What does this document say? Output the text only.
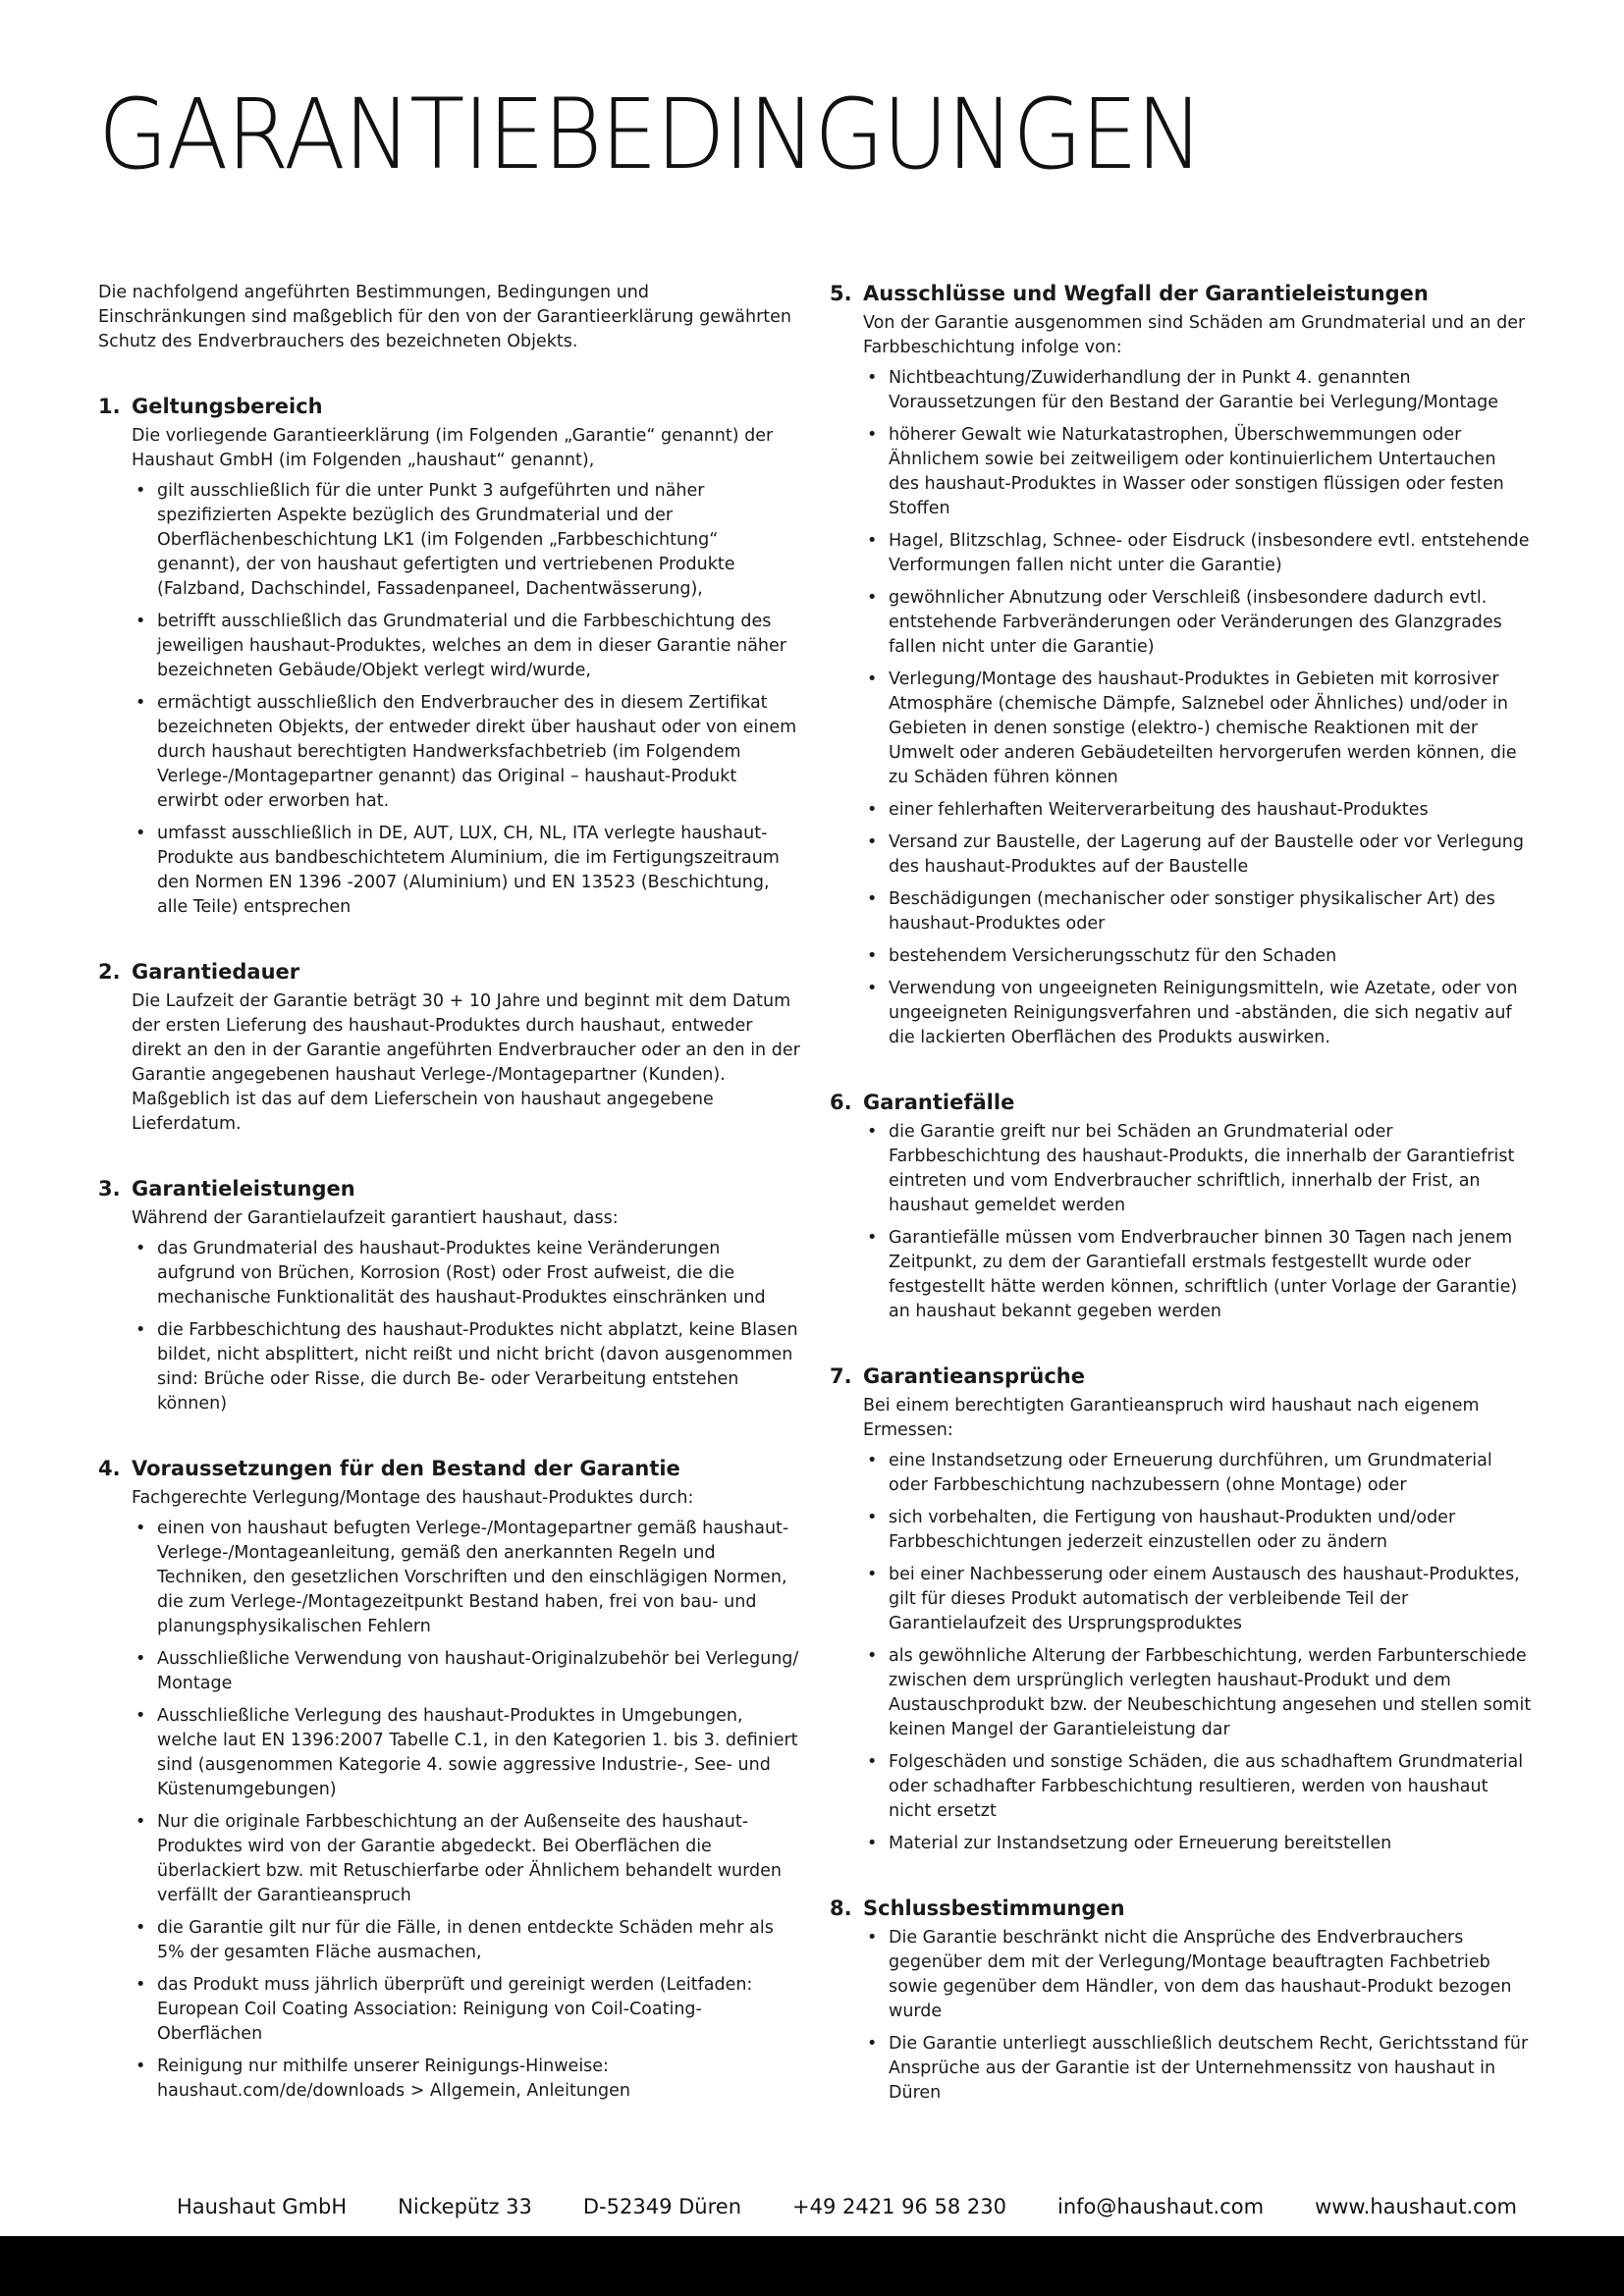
GARANTIEBEDINGUNGEN

Die nachfolgend angeführten Bestimmungen, Bedingungen und Einschränkungen sind maßgeblich für den von der Garantieerklärung gewährten Schutz des Endverbrauchers des bezeichneten Objekts.

1. Geltungsbereich

Die vorliegende Garantieerklärung (im Folgenden „Garantie“ genannt) der Haushaut GmbH (im Folgenden „haushaut“ genannt),

• gilt ausschließlich für die unter Punkt 3 aufgeführten und näher spezifizierten Aspekte bezüglich des Grundmaterial und der Oberflächenbeschichtung LK1 (im Folgenden „Farbbeschichtung“ genannt), der von haushaut gefertigten und vertriebenen Produkte (Falzband, Dachschindel, Fassadenpaneel, Dachentwässerung),
• betrifft ausschließlich das Grundmaterial und die Farbbeschichtung des jeweiligen haushaut-Produktes, welches an dem in dieser Garantie näher bezeichneten Gebäude/Objekt verlegt wird/wurde,
• ermächtigt ausschließlich den Endverbraucher des in diesem Zertifikat bezeichneten Objekts, der entweder direkt über haushaut oder von einem durch haushaut berechtigten Handwerksfachbetrieb (im Folgendem Verlege-/Montagepartner genannt) das Original – haushaut-Produkt erwirbt oder erworben hat.
• umfasst ausschließlich in DE, AUT, LUX, CH, NL, ITA verlegte haushaut-Produkte aus bandbeschichtetem Aluminium, die im Fertigungszeitraum den Normen EN 1396 -2007 (Aluminium) und EN 13523 (Beschichtung, alle Teile) entsprechen
2. Garantiedauer

Die Laufzeit der Garantie beträgt 30 + 10 Jahre und beginnt mit dem Datum der ersten Lieferung des haushaut-Produktes durch haushaut, entweder direkt an den in der Garantie angeführten Endverbraucher oder an den in der Garantie angegebenen haushaut Verlege-/Montagepartner (Kunden). Maßgeblich ist das auf dem Lieferschein von haushaut angegebene Lieferdatum.

3. Garantieleistungen

Während der Garantielaufzeit garantiert haushaut, dass:

• das Grundmaterial des haushaut-Produktes keine Veränderungen aufgrund von Brüchen, Korrosion (Rost) oder Frost aufweist, die die mechanische Funktionalität des haushaut-Produktes einschränken und
• die Farbbeschichtung des haushaut-Produktes nicht abplatzt, keine Blasen bildet, nicht absplittert, nicht reißt und nicht bricht (davon ausgenommen sind: Brüche oder Risse, die durch Be- oder Verarbeitung entstehen können)
4. Voraussetzungen für den Bestand der Garantie

Fachgerechte Verlegung/Montage des haushaut-Produktes durch:

• einen von haushaut befugten Verlege-/Montagepartner gemäß haushaut-Verlege-/Montageanleitung, gemäß den anerkannten Regeln und Techniken, den gesetzlichen Vorschriften und den einschlägigen Normen, die zum Verlege-/Montagezeitpunkt Bestand haben, frei von bau- und planungsphysikalischen Fehlern
• Ausschließliche Verwendung von haushaut-Originalzubehör bei Verlegung/ Montage
• Ausschließliche Verlegung des haushaut-Produktes in Umgebungen, welche laut EN 1396:2007 Tabelle C.1, in den Kategorien 1. bis 3. definiert sind (ausgenommen Kategorie 4. sowie aggressive Industrie-, See- und Küstenumgebungen)
• Nur die originale Farbbeschichtung an der Außenseite des haushaut-Produktes wird von der Garantie abgedeckt. Bei Oberflächen die überlackiert bzw. mit Retuschierfarbe oder Ähnlichem behandelt wurden verfällt der Garantieanspruch
• die Garantie gilt nur für die Fälle, in denen entdeckte Schäden mehr als 5% der gesamten Fläche ausmachen,
• das Produkt muss jährlich überprüft und gereinigt werden (Leitfaden: European Coil Coating Association: Reinigung von Coil-Coating-Oberflächen
• Reinigung nur mithilfe unserer Reinigungs-Hinweise: haushaut.com/de/downloads > Allgemein, Anleitungen
5. Ausschlüsse und Wegfall der Garantieleistungen

Von der Garantie ausgenommen sind Schäden am Grundmaterial und an der Farbbeschichtung infolge von:

• Nichtbeachtung/Zuwiderhandlung der in Punkt 4. genannten Voraussetzungen für den Bestand der Garantie bei Verlegung/Montage
• höherer Gewalt wie Naturkatastrophen, Überschwemmungen oder Ähnlichem sowie bei zeitweiligem oder kontinuierlichem Untertauchen des haushaut-Produktes in Wasser oder sonstigen flüssigen oder festen Stoffen
• Hagel, Blitzschlag, Schnee- oder Eisdruck (insbesondere evtl. entstehende Verformungen fallen nicht unter die Garantie)
• gewöhnlicher Abnutzung oder Verschleiß (insbesondere dadurch evtl. entstehende Farbveränderungen oder Veränderungen des Glanzgrades fallen nicht unter die Garantie)
• Verlegung/Montage des haushaut-Produktes in Gebieten mit korrosiver Atmosphäre (chemische Dämpfe, Salznebel oder Ähnliches) und/oder in Gebieten in denen sonstige (elektro-) chemische Reaktionen mit der Umwelt oder anderen Gebäudeteilten hervorgerufen werden können, die zu Schäden führen können
• einer fehlerhaften Weiterverarbeitung des haushaut-Produktes
• Versand zur Baustelle, der Lagerung auf der Baustelle oder vor Verlegung des haushaut-Produktes auf der Baustelle
• Beschädigungen (mechanischer oder sonstiger physikalischer Art) des haushaut-Produktes oder
• bestehendem Versicherungsschutz für den Schaden
• Verwendung von ungeeigneten Reinigungsmitteln, wie Azetate, oder von ungeeigneten Reinigungsverfahren und -abständen, die sich negativ auf die lackierten Oberflächen des Produkts auswirken.
6. Garantiefälle
• die Garantie greift nur bei Schäden an Grundmaterial oder Farbbeschichtung des haushaut-Produkts, die innerhalb der Garantiefrist eintreten und vom Endverbraucher schriftlich, innerhalb der Frist, an haushaut gemeldet werden
• Garantiefälle müssen vom Endverbraucher binnen 30 Tagen nach jenem Zeitpunkt, zu dem der Garantiefall erstmals festgestellt wurde oder festgestellt hätte werden können, schriftlich (unter Vorlage der Garantie) an haushaut bekannt gegeben werden
7. Garantieansprüche

Bei einem berechtigten Garantieanspruch wird haushaut nach eigenem Ermessen:

• eine Instandsetzung oder Erneuerung durchführen, um Grundmaterial oder Farbbeschichtung nachzubessern (ohne Montage) oder
• sich vorbehalten, die Fertigung von haushaut-Produkten und/oder Farbbeschichtungen jederzeit einzustellen oder zu ändern
• bei einer Nachbesserung oder einem Austausch des haushaut-Produktes, gilt für dieses Produkt automatisch der verbleibende Teil der Garantielaufzeit des Ursprungsproduktes
• als gewöhnliche Alterung der Farbbeschichtung, werden Farbunterschiede zwischen dem ursprünglich verlegten haushaut-Produkt und dem Austauschprodukt bzw. der Neubeschichtung angesehen und stellen somit keinen Mangel der Garantieleistung dar
• Folgeschäden und sonstige Schäden, die aus schadhaftem Grundmaterial oder schadhafter Farbbeschichtung resultieren, werden von haushaut nicht ersetzt
• Material zur Instandsetzung oder Erneuerung bereitstellen
8. Schlussbestimmungen
• Die Garantie beschränkt nicht die Ansprüche des Endverbrauchers gegenüber dem mit der Verlegung/Montage beauftragten Fachbetrieb sowie gegenüber dem Händler, von dem das haushaut-Produkt bezogen wurde
• Die Garantie unterliegt ausschließlich deutschem Recht, Gerichtsstand für Ansprüche aus der Garantie ist der Unternehmenssitz von haushaut in Düren
Haushaut GmbH Nickepütz 33 D-52349 Düren +49 2421 96 58 230 info@haushaut.com www.haushaut.com
